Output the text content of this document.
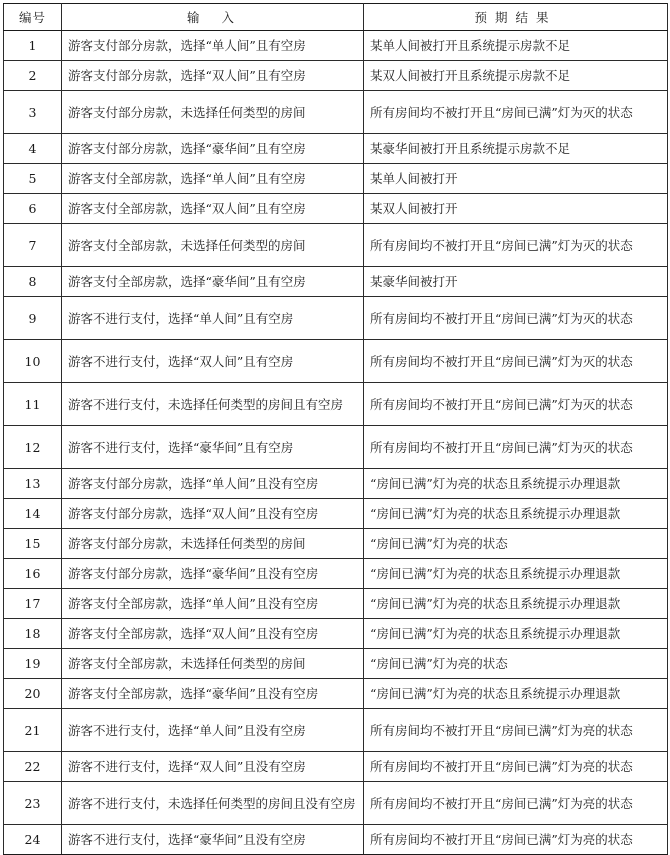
编号	输入	预期结果
1	游客支付部分房款，选择“单人间”且有空房	某单人间被打开且系统提示房款不足
2	游客支付部分房款，选择“双人间”且有空房	某双人间被打开且系统提示房款不足
3	游客支付部分房款，未选择任何类型的房间	所有房间均不被打开且“房间已满”灯为灭的状态
4	游客支付部分房款，选择“豪华间”且有空房	某豪华间被打开且系统提示房款不足
5	游客支付全部房款，选择“单人间”且有空房	某单人间被打开
6	游客支付全部房款，选择“双人间”且有空房	某双人间被打开
7	游客支付全部房款，未选择任何类型的房间	所有房间均不被打开且“房间已满”灯为灭的状态
8	游客支付全部房款，选择“豪华间”且有空房	某豪华间被打开
9	游客不进行支付，选择“单人间”且有空房	所有房间均不被打开且“房间已满”灯为灭的状态
10	游客不进行支付，选择“双人间”且有空房	所有房间均不被打开且“房间已满”灯为灭的状态
11	游客不进行支付，未选择任何类型的房间且有空房	所有房间均不被打开且“房间已满”灯为灭的状态
12	游客不进行支付，选择“豪华间”且有空房	所有房间均不被打开且“房间已满”灯为灭的状态
13	游客支付部分房款，选择“单人间”且没有空房	“房间已满”灯为亮的状态且系统提示办理退款
14	游客支付部分房款，选择“双人间”且没有空房	“房间已满”灯为亮的状态且系统提示办理退款
15	游客支付部分房款，未选择任何类型的房间	“房间已满”灯为亮的状态
16	游客支付部分房款，选择“豪华间”且没有空房	“房间已满”灯为亮的状态且系统提示办理退款
17	游客支付全部房款，选择“单人间”且没有空房	“房间已满”灯为亮的状态且系统提示办理退款
18	游客支付全部房款，选择“双人间”且没有空房	“房间已满”灯为亮的状态且系统提示办理退款
19	游客支付全部房款，未选择任何类型的房间	“房间已满”灯为亮的状态
20	游客支付全部房款，选择“豪华间”且没有空房	“房间已满”灯为亮的状态且系统提示办理退款
21	游客不进行支付，选择“单人间”且没有空房	所有房间均不被打开且“房间已满”灯为亮的状态
22	游客不进行支付，选择“双人间”且没有空房	所有房间均不被打开且“房间已满”灯为亮的状态
23	游客不进行支付，未选择任何类型的房间且没有空房	所有房间均不被打开且“房间已满”灯为亮的状态
24	游客不进行支付，选择“豪华间”且没有空房	所有房间均不被打开且“房间已满”灯为亮的状态
